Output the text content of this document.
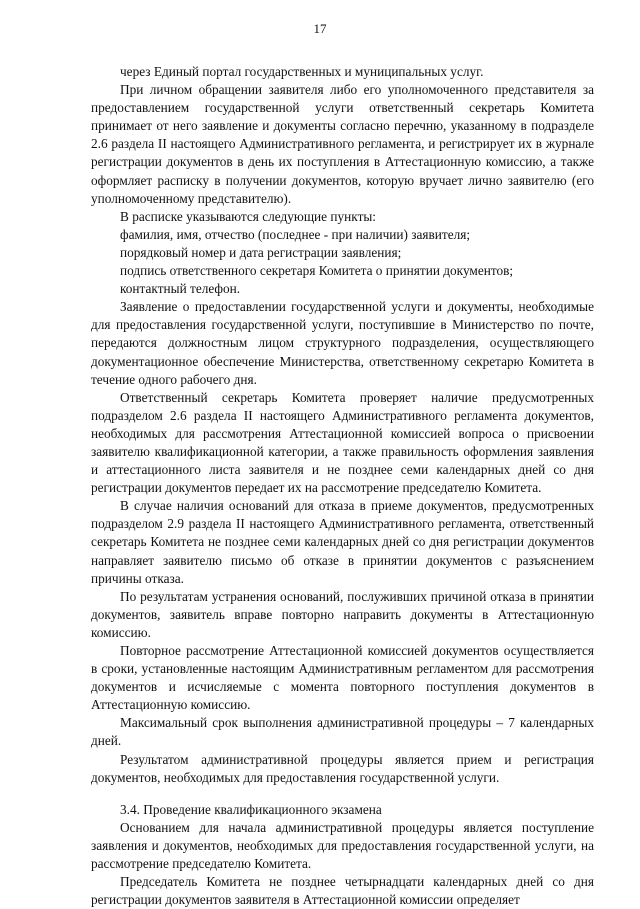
17

через Единый портал государственных и муниципальных услуг.

При личном обращении заявителя либо его уполномоченного представителя за предоставлением государственной услуги ответственный секретарь Комитета принимает от него заявление и документы согласно перечню, указанному в подразделе 2.6 раздела II настоящего Административного регламента, и регистрирует их в журнале регистрации документов в день их поступления в Аттестационную комиссию, а также оформляет расписку в получении документов, которую вручает лично заявителю (его уполномоченному представителю).

В расписке указываются следующие пункты:

фамилия, имя, отчество (последнее - при наличии) заявителя;

порядковый номер и дата регистрации заявления;

подпись ответственного секретаря Комитета о принятии документов;

контактный телефон.

Заявление о предоставлении государственной услуги и документы, необходимые для предоставления государственной услуги, поступившие в Министерство по почте, передаются должностным лицом структурного подразделения, осуществляющего документационное обеспечение Министерства, ответственному секретарю Комитета в течение одного рабочего дня.

Ответственный секретарь Комитета проверяет наличие предусмотренных подразделом 2.6 раздела II настоящего Административного регламента документов, необходимых для рассмотрения Аттестационной комиссией вопроса о присвоении заявителю квалификационной категории, а также правильность оформления заявления и аттестационного листа заявителя и не позднее семи календарных дней со дня регистрации документов передает их на рассмотрение председателю Комитета.

В случае наличия оснований для отказа в приеме документов, предусмотренных подразделом 2.9 раздела II настоящего Административного регламента, ответственный секретарь Комитета не позднее семи календарных дней со дня регистрации документов направляет заявителю письмо об отказе в принятии документов с разъяснением причины отказа.

По результатам устранения оснований, послуживших причиной отказа в принятии документов, заявитель вправе повторно направить документы в Аттестационную комиссию.

Повторное рассмотрение Аттестационной комиссией документов осуществляется в сроки, установленные настоящим Административным регламентом для рассмотрения документов и исчисляемые с момента повторного поступления документов в Аттестационную комиссию.

Максимальный срок выполнения административной процедуры – 7 календарных дней.

Результатом административной процедуры является прием и регистрация документов, необходимых для предоставления государственной услуги.

3.4. Проведение квалификационного экзамена

Основанием для начала административной процедуры является поступление заявления и документов, необходимых для предоставления государственной услуги, на рассмотрение председателю Комитета.

Председатель Комитета не позднее четырнадцати календарных дней со дня регистрации документов заявителя в Аттестационной комиссии определяет
